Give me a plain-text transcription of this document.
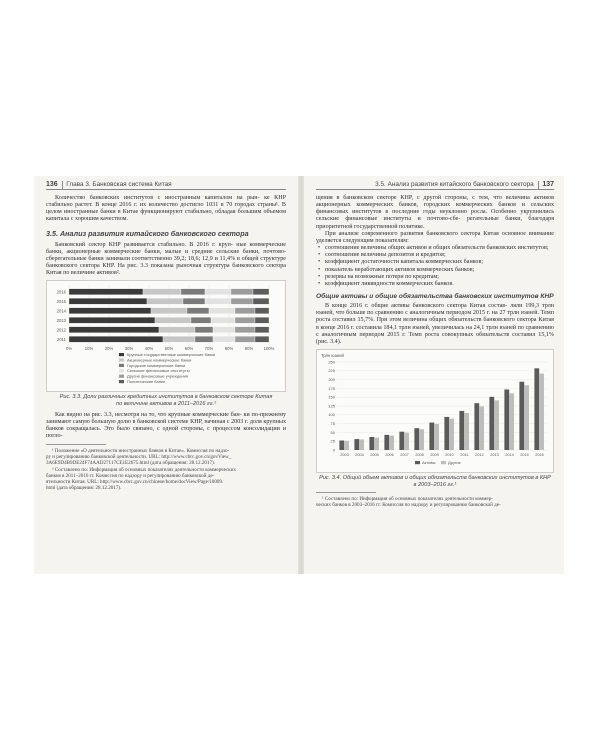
136 Глава 3. Банковская система Китая

Количество банковских институтов с иностранным капиталом на рын- ке КНР стабильно растет. В конце 2016 г. их количество достигло 1031 в 70 городах страны¹. В целом иностранные банки в Китае функционируют стабильно, обладая большим объемом капитала с хорошим качеством.

3.5. Анализ развития китайского банковского сектора

Банковский сектор КНР развивается стабильно. В 2016 г. круп- ные коммерческие банки, акционерные коммерческие банки, малые и средние сельские банки, почтово-сберегательные банки занимали соответственно 39,2; 18,6; 12,9 и 11,4% в общей структуре банковского сектора КНР. На рис. 3.3 показана рыночная структура банковского сектора Китая по величине активов².

0%	10%	20%	30%	40%	50%	60%	70%	80%	90% 100%
2016
2015
2014
2013
2012
2011
Крупные государственные коммерческие банки
Акционерные коммерческие банки
Городские коммерческие банки
Сельские финансовые институты
Другие финансовые учреждения
Политические банки
Рис. 3.3. Доли различных кредитных институтов в банковском секторе Китая
по величине активов в 2011–2016 гг.²

Как видно на рис. 3.3, несмотря на то, что крупные коммерческие бан- ки по-прежнему занимают самую большую долю в банковской системе КНР, начиная с 2003 г. доля крупных банков сокращалась. Это было связано, с одной стороны, с процессом консолидации и погло-

¹ Положение «О деятельности иностранных банков в Китае». Комиссия по надзо-
ру и регулированию банковской деятельности. URL: http://www.cbrc.gov.cn/govView_
3A6E9D4B9DE24F74AAD27117CE1E2675.html (дата обращения: 28.12.2017).
² Составлено по: Информация об основных показателях деятельности коммерческих
банков в 2011–2016 гг. Комиссия по надзору и регулированию банковской де-
ятельности Китая. URL: http://www.cbrc.gov.cn/chinese/home/docView/Page/10009.
html (дата обращения: 28.12.2017).
3.5. Анализ развития китайского банковского сектора 137

щения в банковском секторе КНР, с другой стороны, с тем, что величина активов акционерных коммерческих банков, городских коммерческих банков и сельских финансовых институтов в последние годы неуклонно росла. Особенно укрупнились сельские финансовые институты и почтово-сбе- регательные банки, благодаря приоритетной государственной политике.

При анализе современного развития банковского сектора Китая основное внимание уделяется следующим показателям:

• соотношение величины общих активов и общих обязательств банковских институтов;
• соотношение величины депозитов и кредитов;
• коэффициент достаточности капитала коммерческих банков;
• показатель неработающих активов коммерческих банков;
• резервы на возможные потери по кредитам;
• коэффициент ликвидности коммерческих банков.
Общие активы и общие обязательства банковских институтов КНР

В конце 2016 г. общие активы банковского сектора Китая состав- ляли 199,3 трлн юаней, что больше по сравнению с аналогичным периодом 2015 г. на 27 трлн юаней. Темп роста составил 15,7%. При этом величина общих обязательств банковского сектора Китая в конце 2016 г. составила 184,1 трлн юаней, увеличилась на 24,1 трлн юаней по сравнению с аналогичным периодом 2015 г. Темп роста совокупных обязательств составил 15,1% (рис. 3.4).

Трлн юаней
0
25
50
75
100
125
150
175
200
225
250
2003 2004 2005 2006 2007 2008 2009 2010 2011 2012 2013 2014 2015 2016
Активы	Другие
Рис. 3.4. Общий объем активов и общих обязательств банковских институтов в КНР
в 2003–2016 гг.¹
¹ Составлено по: Информация об основных показателях деятельности коммер-
ческих банков в 2003–2016 гг. Комиссия по надзору и регулированию банковской де-
